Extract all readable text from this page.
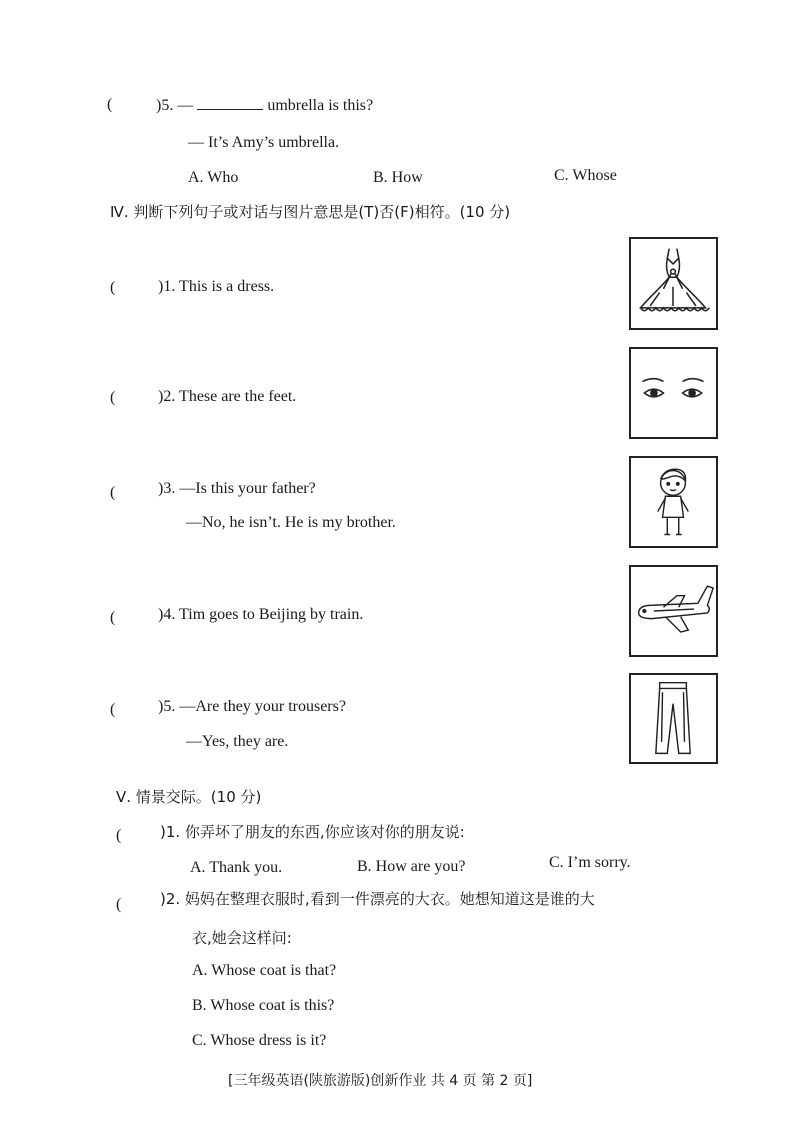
(	)5. —	umbrella is this?
— It’s Amy’s umbrella.
A. Who	B. How	C. Whose
Ⅳ. 判断下列句子或对话与图片意思是(T)否(F)相符。(10 分)
(	)1. This is a dress.
(	)2. These are the feet.
(	)3. —Is this your father?
—No, he isn’t. He is my brother.
(	)4. Tim goes to Beijing by train.
(	)5. —Are they your trousers?
—Yes, they are.
Ⅴ. 情景交际。(10 分)
(	)1. 你弄坏了朋友的东西,你应该对你的朋友说:
A. Thank you.	B. How are you?	C. I’m sorry.
(	)2. 妈妈在整理衣服时,看到一件漂亮的大衣。她想知道这是谁的大
衣,她会这样问:
A. Whose coat is that?
B. Whose coat is this?
C. Whose dress is it?
[三年级英语(陕旅游版)创新作业 共 4 页 第 2 页]
